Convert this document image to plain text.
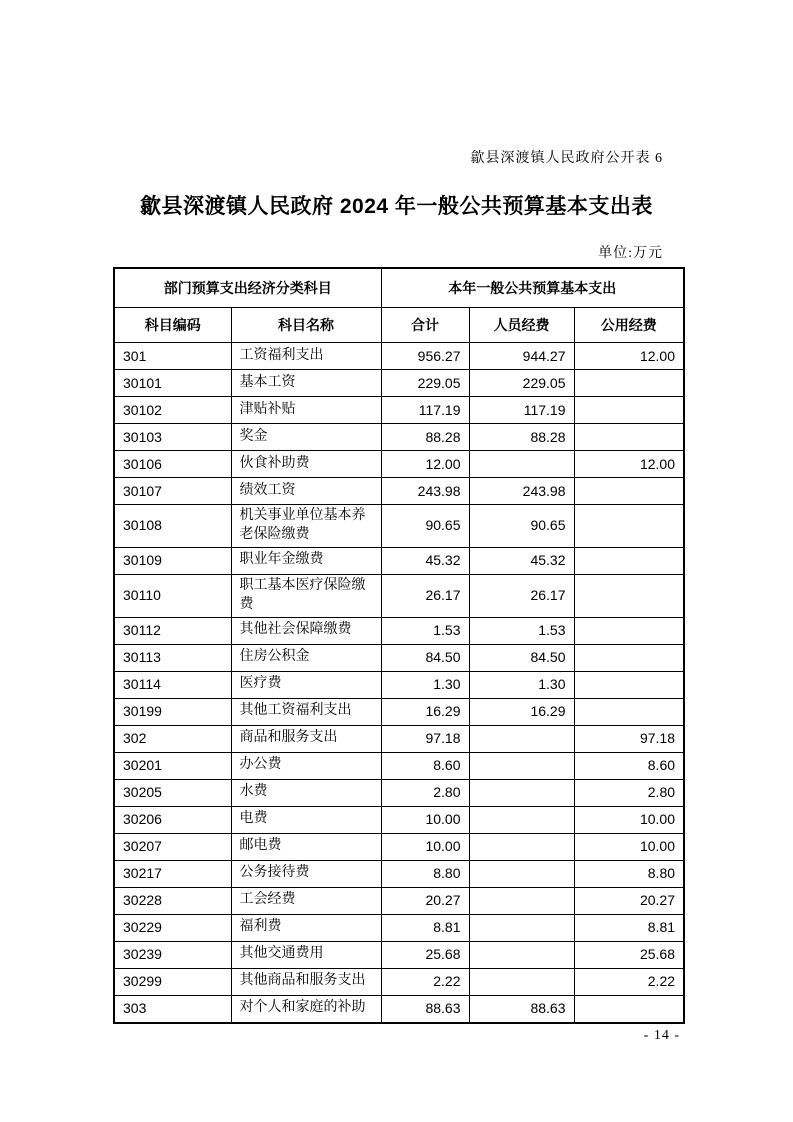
歙县深渡镇人民政府公开表 6
歙县深渡镇人民政府 2024 年一般公共预算基本支出表
单位:万元
部门预算支出经济分类科目		本年一般公共预算基本支出		
科目编码	科目名称	合计	人员经费	公用经费
301	工资福利支出	956.27	944.27	12.00
30101	基本工资	229.05	229.05	
30102	津贴补贴	117.19	117.19	
30103	奖金	88.28	88.28	
30106	伙食补助费	12.00		12.00
30107	绩效工资	243.98	243.98	
30108	机关事业单位基本养老保险缴费	90.65	90.65	
30109	职业年金缴费	45.32	45.32	
30110	职工基本医疗保险缴费	26.17	26.17	
30112	其他社会保障缴费	1.53	1.53	
30113	住房公积金	84.50	84.50	
30114	医疗费	1.30	1.30	
30199	其他工资福利支出	16.29	16.29	
302	商品和服务支出	97.18		97.18
30201	办公费	8.60		8.60
30205	水费	2.80		2.80
30206	电费	10.00		10.00
30207	邮电费	10.00		10.00
30217	公务接待费	8.80		8.80
30228	工会经费	20.27		20.27
30229	福利费	8.81		8.81
30239	其他交通费用	25.68		25.68
30299	其他商品和服务支出	2.22		2.22
303	对个人和家庭的补助	88.63	88.63	
- 14 -
